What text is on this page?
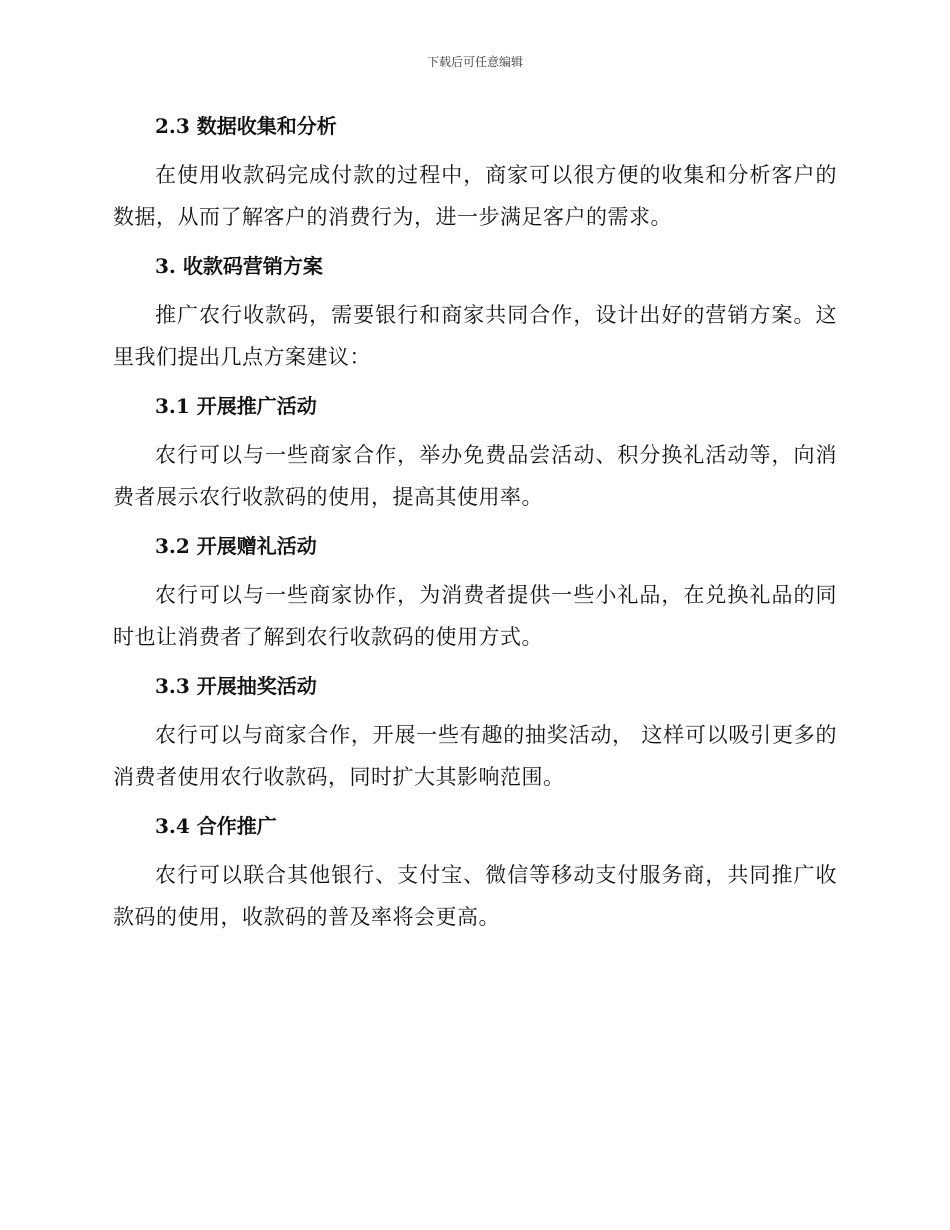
下载后可任意编辑
2.3 数据收集和分析
在使用收款码完成付款的过程中，商家可以很方便的收集和分析客户的数据，从而了解客户的消费行为，进一步满足客户的需求。
3. 收款码营销方案
推广农行收款码，需要银行和商家共同合作，设计出好的营销方案。这里我们提出几点方案建议：
3.1 开展推广活动
农行可以与一些商家合作，举办免费品尝活动、积分换礼活动等，向消费者展示农行收款码的使用，提高其使用率。
3.2 开展赠礼活动
农行可以与一些商家协作，为消费者提供一些小礼品，在兑换礼品的同时也让消费者了解到农行收款码的使用方式。
3.3 开展抽奖活动
农行可以与商家合作，开展一些有趣的抽奖活动， 这样可以吸引更多的消费者使用农行收款码，同时扩大其影响范围。
3.4 合作推广
农行可以联合其他银行、支付宝、微信等移动支付服务商，共同推广收款码的使用，收款码的普及率将会更高。
